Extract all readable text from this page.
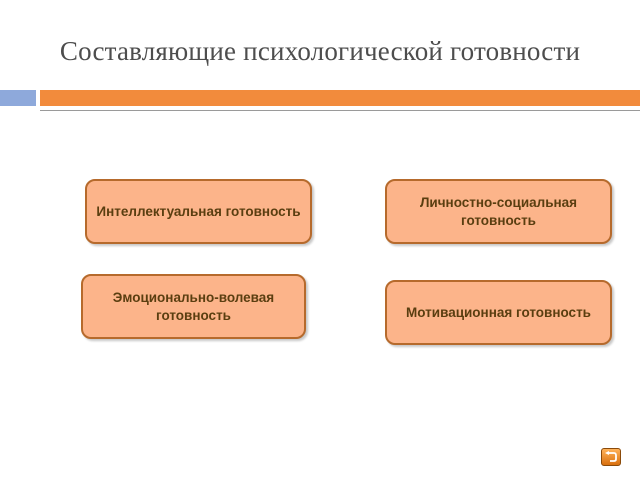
Составляющие психологической готовности
Интеллектуальная готовность
Личностно-социальная готовность
Эмоционально-волевая готовность	Мотивационная готовность
